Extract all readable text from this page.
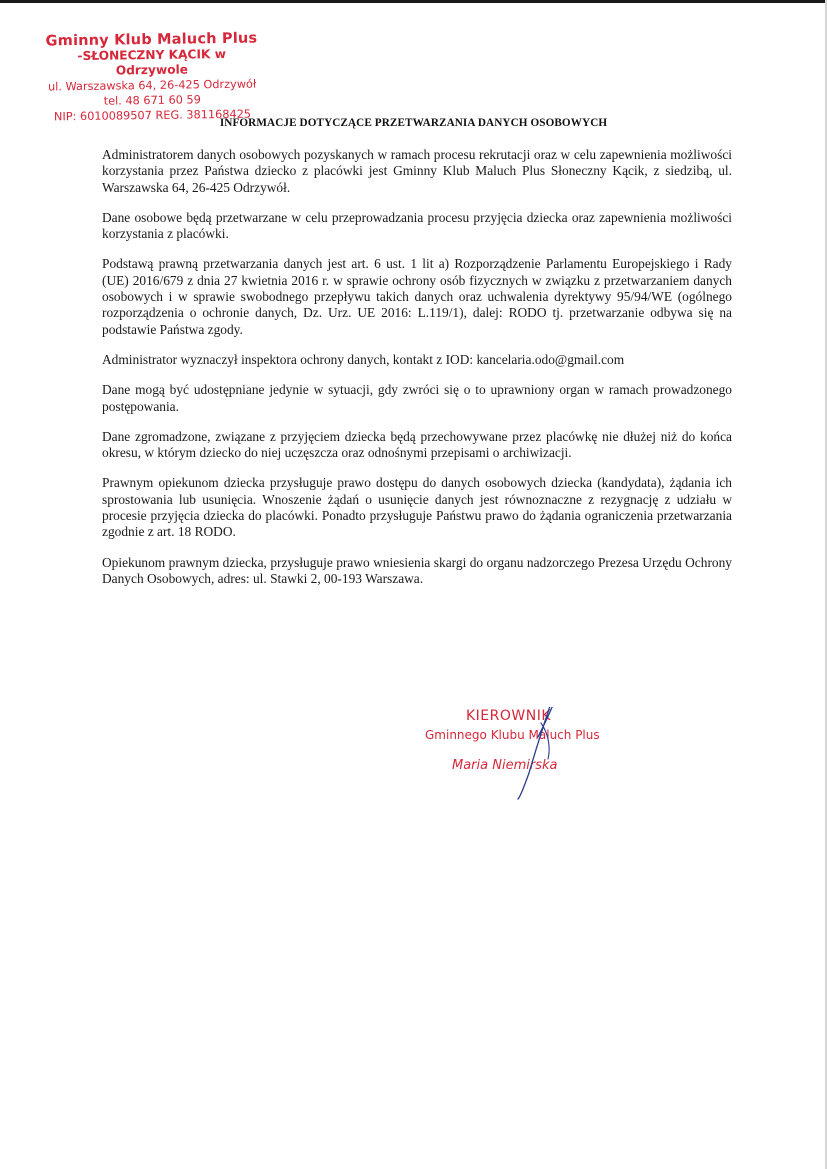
Gminny Klub Maluch Plus
-SŁONECZNY KĄCIK w Odrzywole
ul. Warszawska 64, 26-425 Odrzywół
tel. 48 671 60 59
NIP: 6010089507 REG. 381168425
INFORMACJE DOTYCZĄCE PRZETWARZANIA DANYCH OSOBOWYCH

Administratorem danych osobowych pozyskanych w ramach procesu rekrutacji oraz w celu zapewnienia możliwości korzystania przez Państwa dziecko z placówki jest Gminny Klub Maluch Plus Słoneczny Kącik, z siedzibą, ul. Warszawska 64, 26-425 Odrzywół.

Dane osobowe będą przetwarzane w celu przeprowadzania procesu przyjęcia dziecka oraz zapewnienia możliwości korzystania z placówki.

Podstawą prawną przetwarzania danych jest art. 6 ust. 1 lit a) Rozporządzenie Parlamentu Europejskiego i Rady (UE) 2016/679 z dnia 27 kwietnia 2016 r. w sprawie ochrony osób fizycznych w związku z przetwarzaniem danych osobowych i w sprawie swobodnego przepływu takich danych oraz uchwalenia dyrektywy 95/94/WE (ogólnego rozporządzenia o ochronie danych, Dz. Urz. UE 2016: L.119/1), dalej: RODO tj. przetwarzanie odbywa się na podstawie Państwa zgody.

Administrator wyznaczył inspektora ochrony danych, kontakt z IOD: kancelaria.odo@gmail.com

Dane mogą być udostępniane jedynie w sytuacji, gdy zwróci się o to uprawniony organ w ramach prowadzonego postępowania.

Dane zgromadzone, związane z przyjęciem dziecka będą przechowywane przez placówkę nie dłużej niż do końca okresu, w którym dziecko do niej uczęszcza oraz odnośnymi przepisami o archiwizacji.

Prawnym opiekunom dziecka przysługuje prawo dostępu do danych osobowych dziecka (kandydata), żądania ich sprostowania lub usunięcia. Wnoszenie żądań o usunięcie danych jest równoznaczne z rezygnację z udziału w procesie przyjęcia dziecka do placówki. Ponadto przysługuje Państwu prawo do żądania ograniczenia przetwarzania zgodnie z art. 18 RODO.

Opiekunom prawnym dziecka, przysługuje prawo wniesienia skargi do organu nadzorczego Prezesa Urzędu Ochrony Danych Osobowych, adres: ul. Stawki 2, 00-193 Warszawa.

KIEROWNIK
Gminnego Klubu Maluch Plus
Maria Niemirska
